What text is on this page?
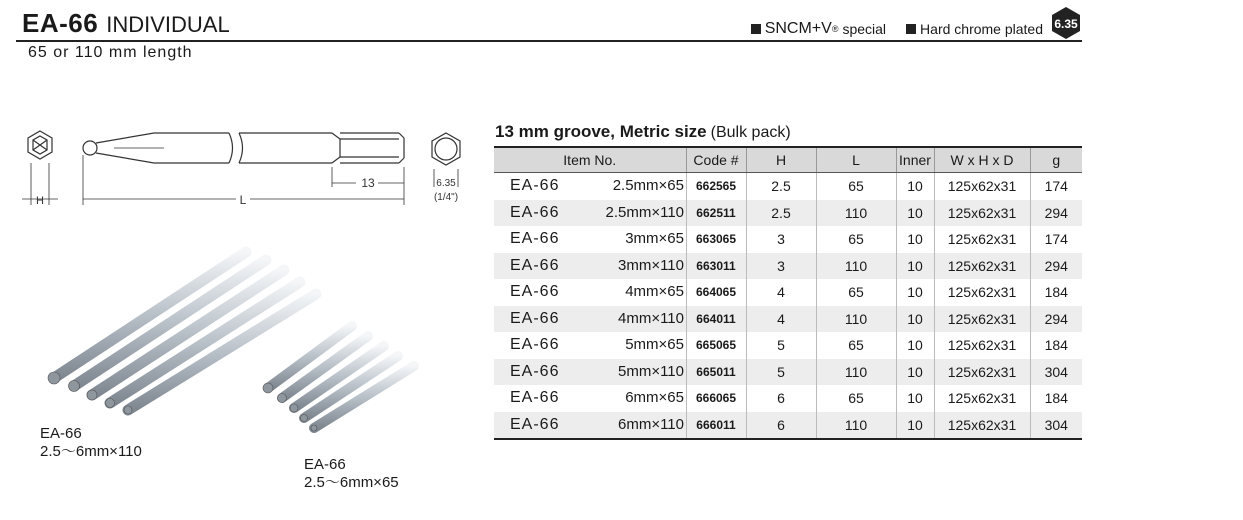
EA-66 INDIVIDUAL
65 or 110 mm length
SNCM+V ® special Hard chrome plated 6.35
H
13
L
6.35
(1/4")
EA-66
2.5～6mm×110
EA-66
2.5～6mm×65
13 mm groove, Metric size (Bulk pack)
Item No.	Code #	H	L	Inner	W x H x D	g
EA-66 2.5mm×65	662565	2.5	65	10	125x62x31	174
EA-66 2.5mm×110	662511	2.5	110	10	125x62x31	294
EA-66 3mm×65	663065	3	65	10	125x62x31	174
EA-66 3mm×110	663011	3	110	10	125x62x31	294
EA-66 4mm×65	664065	4	65	10	125x62x31	184
EA-66 4mm×110	664011	4	110	10	125x62x31	294
EA-66 5mm×65	665065	5	65	10	125x62x31	184
EA-66 5mm×110	665011	5	110	10	125x62x31	304
EA-66 6mm×65	666065	6	65	10	125x62x31	184
EA-66 6mm×110	666011	6	110	10	125x62x31	304
